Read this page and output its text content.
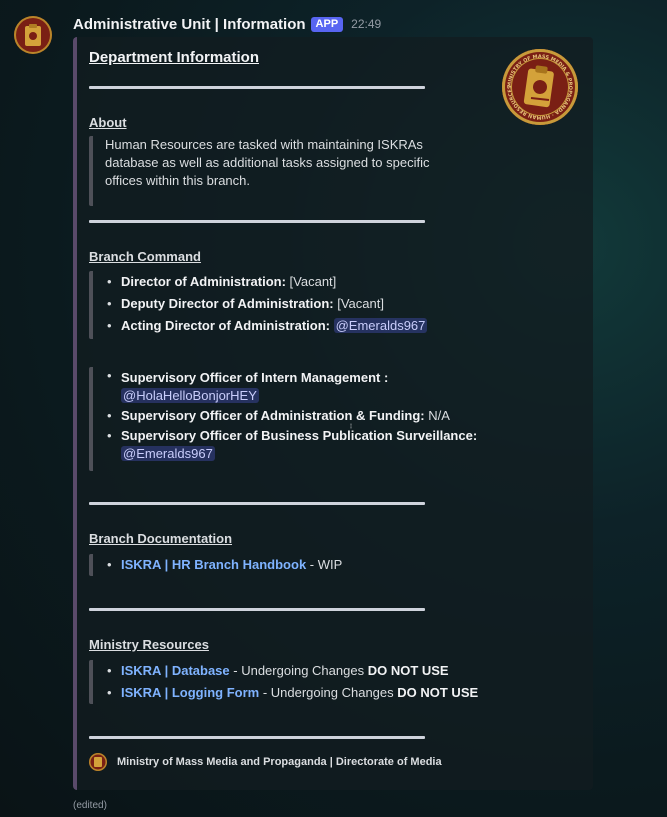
Administrative Unit | Information APP	22:49
MINISTRY OF MASS MEDIA & PROPAGANDA · HUMAN RESOURCES
Department Information
About

Human Resources are tasked with maintaining ISKRAs database as well as additional tasks assigned to specific offices within this branch.

Branch Command
• Director of Administration: [Vacant]
• Deputy Director of Administration: [Vacant]
• Acting Director of Administration: @Emeralds967
• Supervisory Officer of Intern Management :
@HolaHelloBonjorHEY
• Supervisory Officer of Administration & Funding: N/A
• Supervisory Officer of Business Publication Surveillance: @Emeralds967
Branch Documentation
• ISKRA | HR Branch Handbook - WIP
Ministry Resources
• ISKRA | Database - Undergoing Changes DO NOT USE
• ISKRA | Logging Form - Undergoing Changes DO NOT USE
Ministry of Mass Media and Propaganda | Directorate of Media
(edited)
